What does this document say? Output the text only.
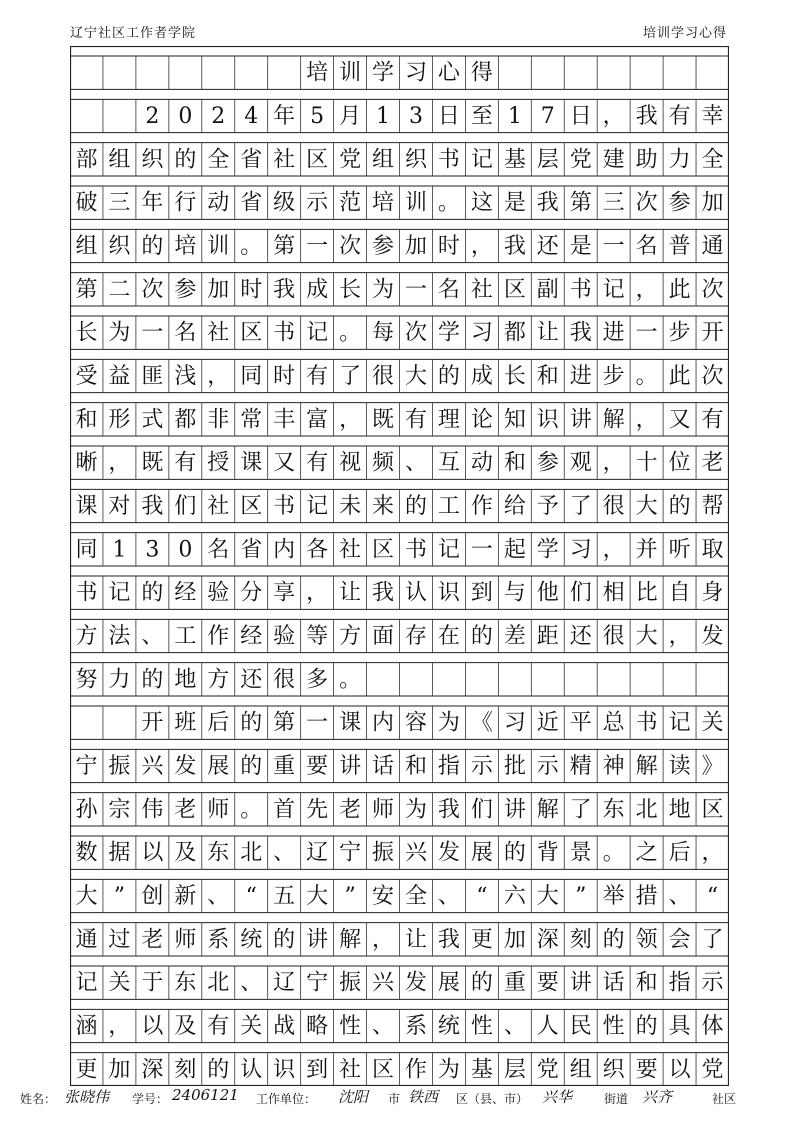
辽宁社区工作者学院	培训学习心得
培 训 学 习 心 得
2 0 2 4 年 5 月 1 3 日 至 1 7 日 ， 我 有 幸
部 组 织 的 全 省 社 区 党 组 织 书 记 基 层 党 建 助 力 全
破 三 年 行 动 省 级 示 范 培 训 。 这 是 我 第 三 次 参 加
组 织 的 培 训 。 第 一 次 参 加 时 ， 我 还 是 一 名 普 通
第 二 次 参 加 时 我 成 长 为 一 名 社 区 副 书 记 ， 此 次
长 为 一 名 社 区 书 记 。 每 次 学 习 都 让 我 进 一 步 开
受 益 匪 浅 ， 同 时 有 了 很 大 的 成 长 和 进 步 。 此 次
和 形 式 都 非 常 丰 富 ， 既 有 理 论 知 识 讲 解 ， 又 有
晰 ， 既 有 授 课 又 有 视 频 、 互 动 和 参 观 ， 十 位 老
课 对 我 们 社 区 书 记 未 来 的 工 作 给 予 了 很 大 的 帮
同 1 3 0 名 省 内 各 社 区 书 记 一 起 学 习 ， 并 听 取
书 记 的 经 验 分 享 ， 让 我 认 识 到 与 他 们 相 比 自 身
方 法 、 工 作 经 验 等 方 面 存 在 的 差 距 还 很 大 ， 发
努 力 的 地 方 还 很 多 。
开 班 后 的 第 一 课 内 容 为 《 习 近 平 总 书 记 关
宁 振 兴 发 展 的 重 要 讲 话 和 指 示 批 示 精 神 解 读 》
孙 宗 伟 老 师 。 首 先 老 师 为 我 们 讲 解 了 东 北 地 区
数 据 以 及 东 北 、 辽 宁 振 兴 发 展 的 背 景 。 之 后 ，
大 ” 创 新 、 “ 五 大 ” 安 全 、 “ 六 大 ” 举 措 、 “
通 过 老 师 系 统 的 讲 解 ， 让 我 更 加 深 刻 的 领 会 了
记 关 于 东 北 、 辽 宁 振 兴 发 展 的 重 要 讲 话 和 指 示
涵 ， 以 及 有 关 战 略 性 、 系 统 性 、 人 民 性 的 具 体
更 加 深 刻 的 认 识 到 社 区 作 为 基 层 党 组 织 要 以 党
姓名： 张晓伟 学号： 2406121 工作单位： 沈阳 市 铁西 区（县、市） 兴华	街道 兴齐	社区
